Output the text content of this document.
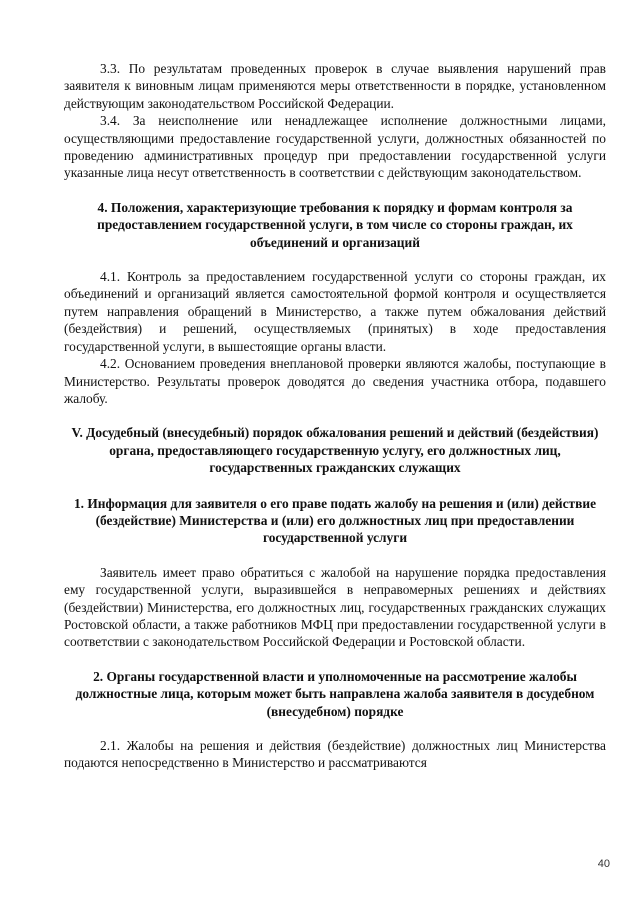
3.3. По результатам проведенных проверок в случае выявления нарушений прав заявителя к виновным лицам применяются меры ответственности в порядке, установленном действующим законодательством Российской Федерации.

3.4. За неисполнение или ненадлежащее исполнение должностными лицами, осуществляющими предоставление государственной услуги, должностных обязанностей по проведению административных процедур при предоставлении государственной услуги указанные лица несут ответственность в соответствии с действующим законодательством.

4. Положения, характеризующие требования к порядку и формам контроля за предоставлением государственной услуги, в том числе со стороны граждан, их объединений и организаций

4.1. Контроль за предоставлением государственной услуги со стороны граждан, их объединений и организаций является самостоятельной формой контроля и осуществляется путем направления обращений в Министерство, а также путем обжалования действий (бездействия) и решений, осуществляемых (принятых) в ходе предоставления государственной услуги, в вышестоящие органы власти.

4.2. Основанием проведения внеплановой проверки являются жалобы, поступающие в Министерство. Результаты проверок доводятся до сведения участника отбора, подавшего жалобу.

V. Досудебный (внесудебный) порядок обжалования решений и действий (бездействия) органа, предоставляющего государственную услугу, его должностных лиц, государственных гражданских служащих
1. Информация для заявителя о его праве подать жалобу на решения и (или) действие (бездействие) Министерства и (или) его должностных лиц при предоставлении государственной услуги

Заявитель имеет право обратиться с жалобой на нарушение порядка предоставления ему государственной услуги, выразившейся в неправомерных решениях и действиях (бездействии) Министерства, его должностных лиц, государственных гражданских служащих Ростовской области, а также работников МФЦ при предоставлении государственной услуги в соответствии с законодательством Российской Федерации и Ростовской области.

2. Органы государственной власти и уполномоченные на рассмотрение жалобы должностные лица, которым может быть направлена жалоба заявителя в досудебном (внесудебном) порядке

2.1. Жалобы на решения и действия (бездействие) должностных лиц Министерства подаются непосредственно в Министерство и рассматриваются

40
